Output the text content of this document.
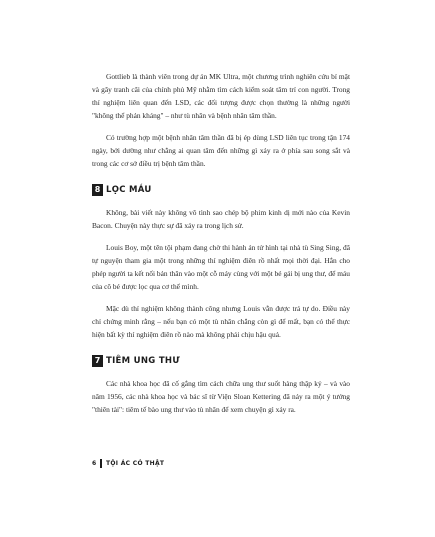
Gottlieb là thành viên trong dự án MK Ultra, một chương trình nghiên cứu bí mật và gây tranh cãi của chính phủ Mỹ nhằm tìm cách kiểm soát tâm trí con người. Trong thí nghiệm liên quan đến LSD, các đối tượng được chọn thường là những người "không thể phản kháng" – như tù nhân và bệnh nhân tâm thần.

Có trường hợp một bệnh nhân tâm thần đã bị ép dùng LSD liên tục trong tận 174 ngày, bởi dường như chẳng ai quan tâm đến những gì xảy ra ở phía sau song sắt và trong các cơ sở điều trị bệnh tâm thần.

8 LỌC MÁU

Không, bài viết này không vô tình sao chép bộ phim kinh dị mới nào của Kevin Bacon. Chuyện này thực sự đã xảy ra trong lịch sử.

Louis Boy, một tên tội phạm đang chờ thi hành án tử hình tại nhà tù Sing Sing, đã tự nguyện tham gia một trong những thí nghiệm điên rồ nhất mọi thời đại. Hắn cho phép người ta kết nối bản thân vào một cỗ máy cùng với một bé gái bị ung thư, để máu của cô bé được lọc qua cơ thể mình.

Mặc dù thí nghiệm không thành công nhưng Louis vẫn được trả tự do. Điều này chỉ chứng minh rằng – nếu bạn có một tù nhân chẳng còn gì để mất, bạn có thể thực hiện bất kỳ thí nghiệm điên rồ nào mà không phải chịu hậu quả.

7 TIÊM UNG THƯ

Các nhà khoa học đã cố gắng tìm cách chữa ung thư suốt hàng thập kỷ – và vào năm 1956, các nhà khoa học và bác sĩ từ Viện Sloan Kettering đã nảy ra một ý tưởng "thiên tài": tiêm tế bào ung thư vào tù nhân để xem chuyện gì xảy ra.

6 TỘI ÁC CÓ THẬT
